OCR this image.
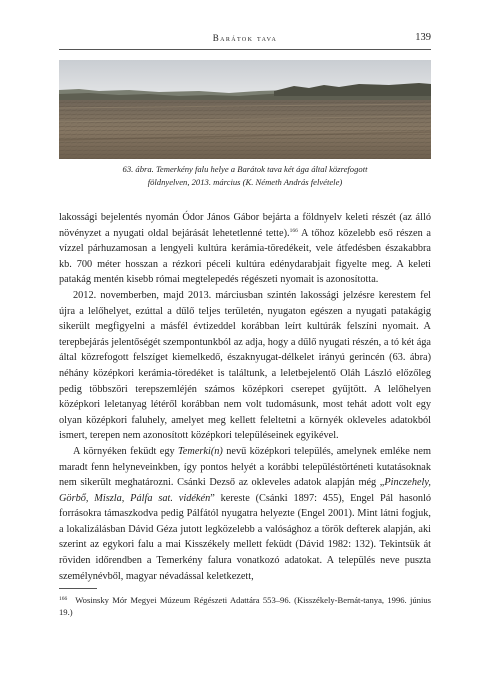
Barátok tava	139
63. ábra. Temerkény falu helye a Barátok tava két ága által közrefogott
földnyelven, 2013. március (K. Németh András felvétele)

lakossági bejelentés nyomán Ódor János Gábor bejárta a földnyelv keleti részét (az álló növényzet a nyugati oldal bejárását lehetetlenné tette).$^{166}$ A tőhoz közelebb eső részen a vízzel párhuzamosan a lengyeli kultúra kerámia-töredékeit, vele átfedésben északabbra kb. 700 méter hosszan a rézkori péceli kultúra edénydarabjait figyelte meg. A keleti patakág mentén kisebb római megtelepedés régészeti nyomait is azonosította.

2012. novemberben, majd 2013. márciusban szintén lakossági jelzésre kerestem fel újra a lelőhelyet, ezúttal a dűlő teljes területén, nyugaton egészen a nyugati patakágig sikerült megfigyelni a másfél évtizeddel korábban leírt kultúrák felszíni nyomait. A terepbejárás jelentőségét szempontunkból az adja, hogy a dűlő nyugati részén, a tó két ága által közrefogott felszíget kiemelkedő, északnyugat-délkelet irányú gerincén (63. ábra) néhány középkori kerámia-töredéket is találtunk, a leletbejelentő Oláh László előzőleg pedig többszöri terepszemléjén számos középkori cserepet gyűjtött. A lelőhelyen középkori leletanyag létéről korábban nem volt tudomásunk, most tehát adott volt egy olyan középkori faluhely, amelyet meg kellett feleltetni a környék okleveles adatokból ismert, terepen nem azonosított középkori településeinek egyikével.

A környéken feküdt egy Temerki(n) nevű középkori település, amelynek emléke nem maradt fenn helyneveinkben, így pontos helyét a korábbi településtörténeti kutatásoknak nem sikerült meghatározni. Csánki Dezső az okleveles adatok alapján még „Pinczehely, Görbő, Miszla, Pálfa sat. vidékén” kereste (Csánki 1897: 455), Engel Pál hasonló forrásokra támaszkodva pedig Pálfától nyugatra helyezte (Engel 2001). Mint látni fogjuk, a lokalizálásban Dávid Géza jutott legközelebb a valósághoz a török defterek alapján, aki szerint az egykori falu a mai Kisszékely mellett feküdt (Dávid 1982: 132). Tekintsük át röviden időrendben a Temerkény falura vonatkozó adatokat. A település neve puszta személynévből, magyar névadással keletkezett,

$^{166}$ Wosinsky Mór Megyei Múzeum Régészeti Adattára 553–96. (Kisszékely-Bernát-tanya, 1996. június 19.)
